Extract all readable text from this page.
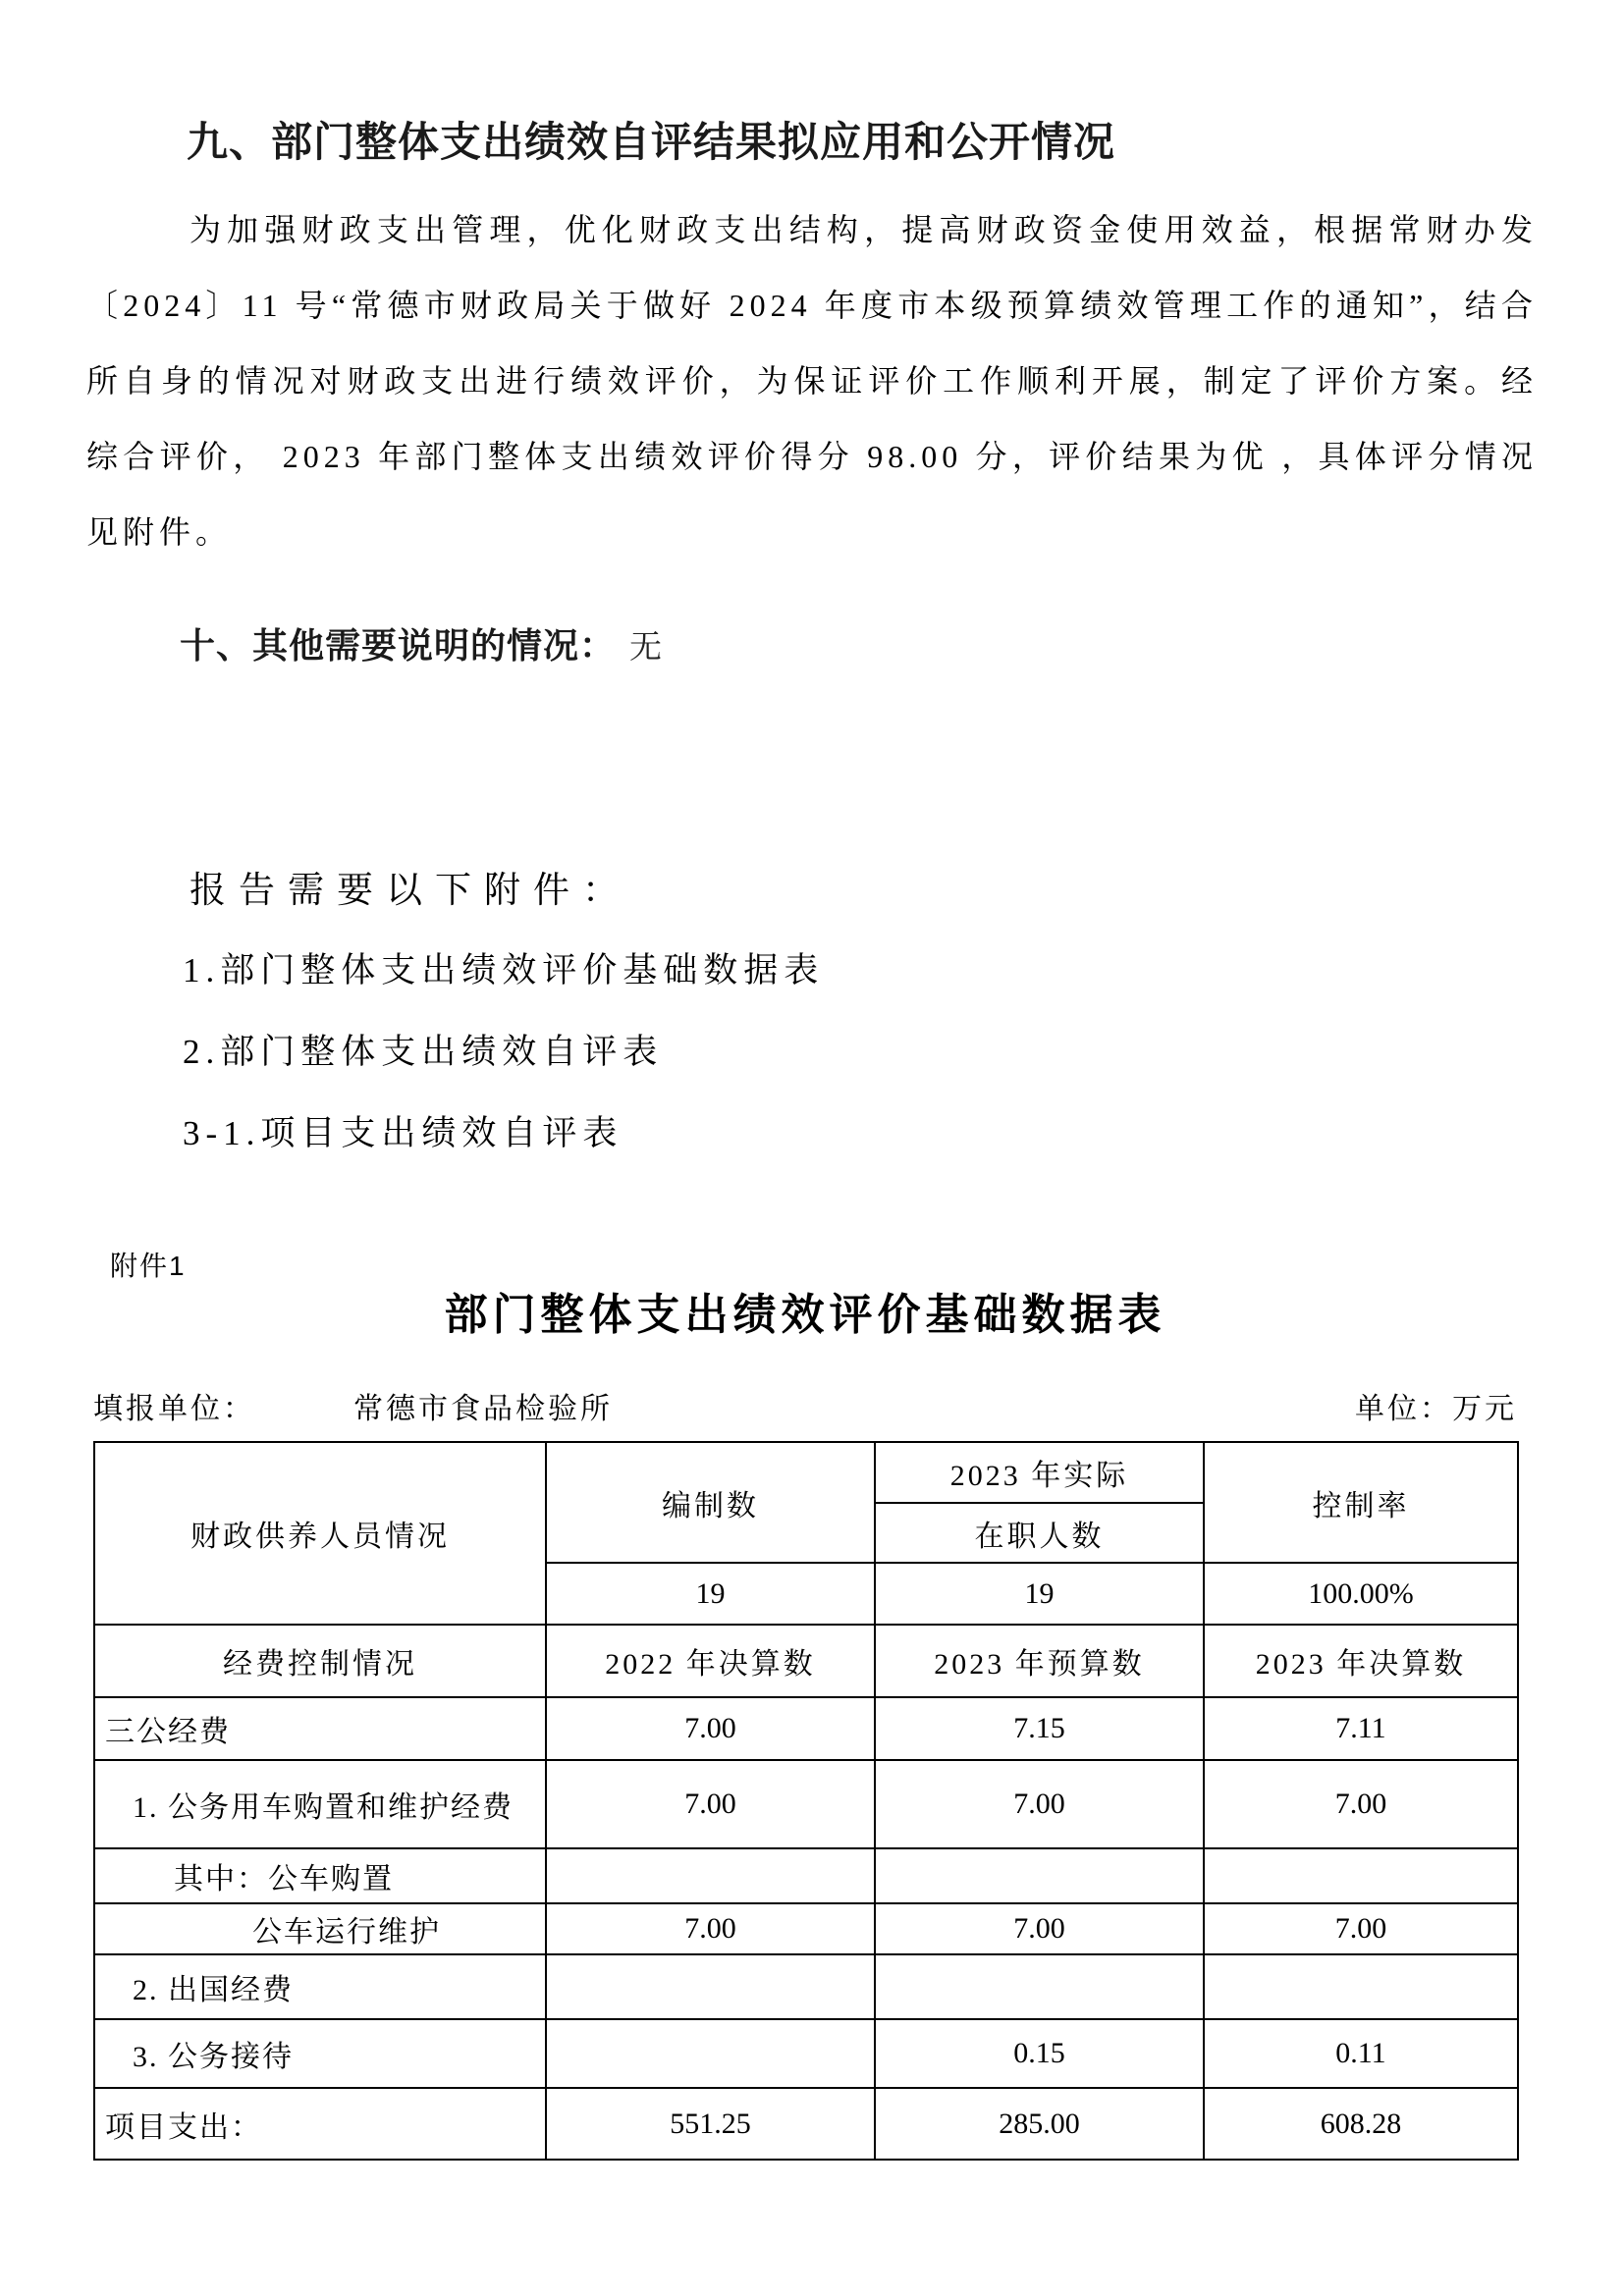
九、部门整体支出绩效自评结果拟应用和公开情况

为加强财政支出管理，优化财政支出结构，提高财政资金使用效益，根据常财办发〔2024〕11 号“常德市财政局关于做好 2024 年度市本级预算绩效管理工作的通知”，结合所自身的情况对财政支出进行绩效评价，为保证评价工作顺利开展，制定了评价方案。经综合评价， 2023 年部门整体支出绩效评价得分 98.00 分，评价结果为优 ，具体评分情况见附件。

十、其他需要说明的情况： 无
报告需要以下附件：
1.部门整体支出绩效评价基础数据表
2.部门整体支出绩效自评表
3-1.项目支出绩效自评表
附件1
部门整体支出绩效评价基础数据表
填报单位：	常德市食品检验所	单位：万元
财政供养人员情况	编制数	2023 年实际	控制率
		在职人数	
	19	19	100.00%
经费控制情况	2022 年决算数	2023 年预算数	2023 年决算数
三公经费	7.00	7.15	7.11
1. 公务用车购置和维护经费	7.00	7.00	7.00
其中：公车购置			
公车运行维护	7.00	7.00	7.00
2. 出国经费			
3. 公务接待		0.15	0.11
项目支出：	551.25	285.00	608.28
